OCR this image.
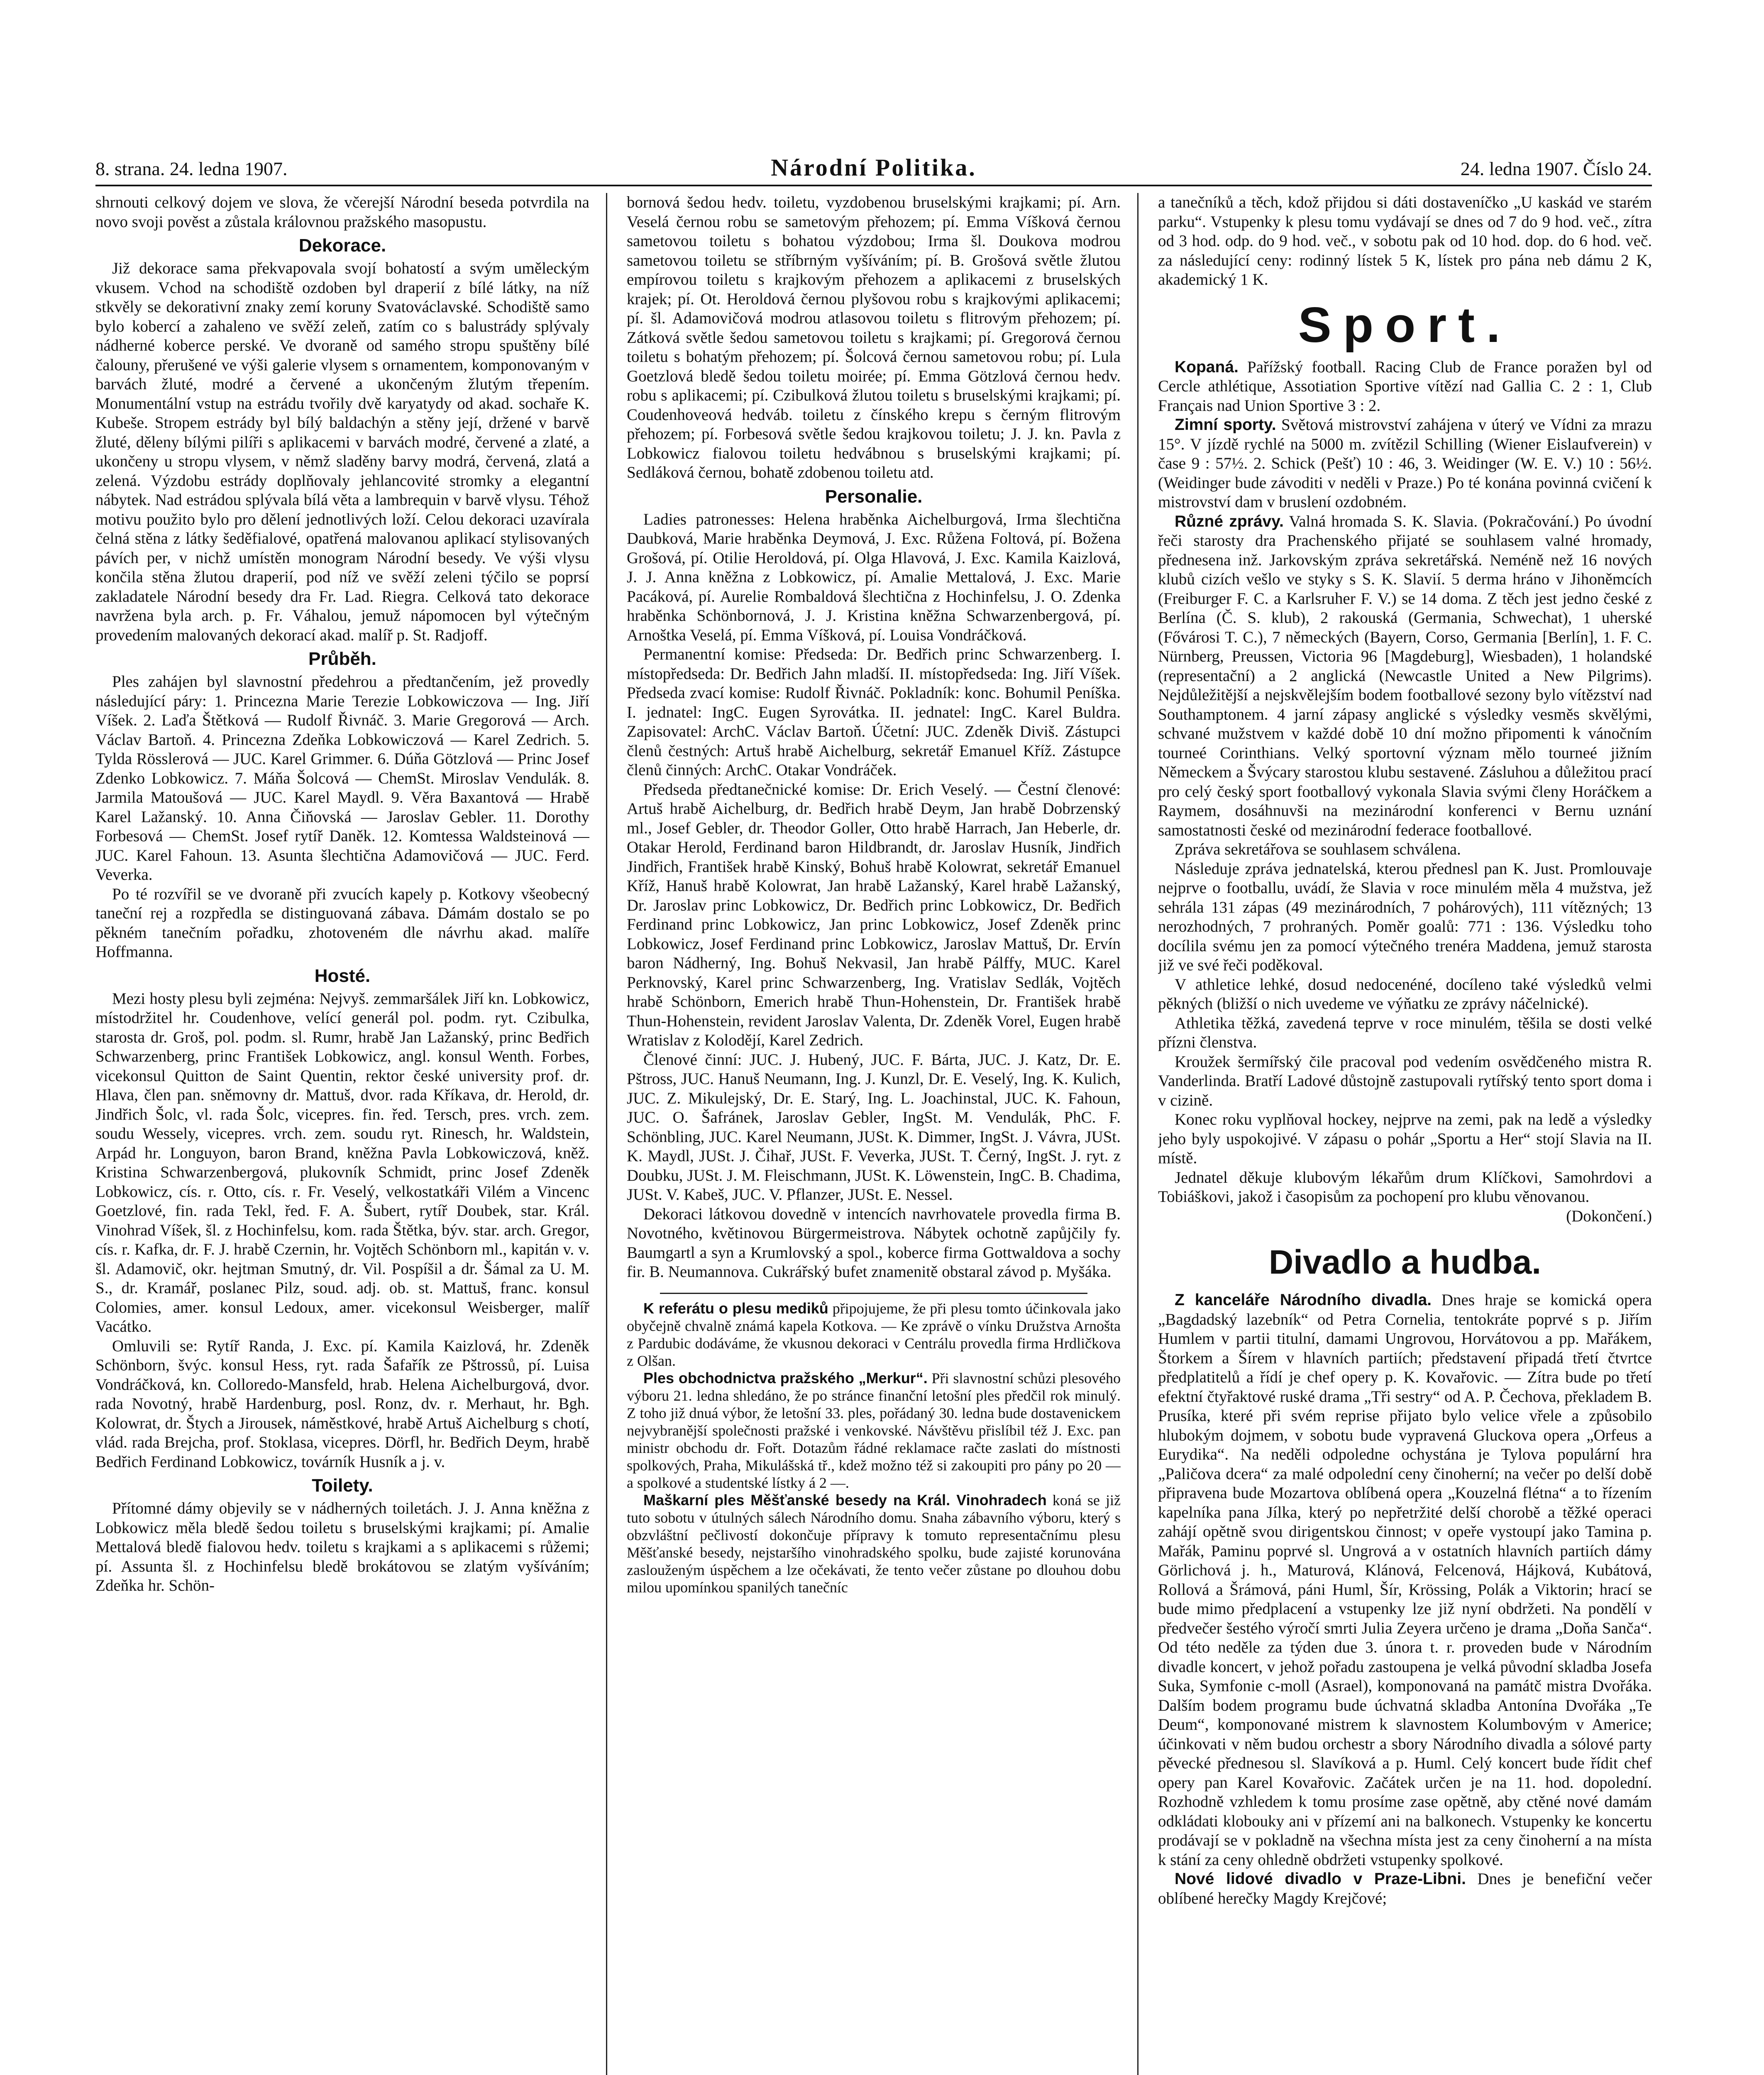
8. strana. 24. ledna 1907.	Národní Politika.	24. ledna 1907. Číslo 24.

shrnouti celkový dojem ve slova, že včerejší Národní beseda potvrdila na novo svoji pověst a zůstala královnou pražského masopustu.

Dekorace.

Již dekorace sama překvapovala svojí bohatostí a svým uměleckým vkusem. Vchod na schodiště ozdoben byl draperií z bílé látky, na níž stkvěly se dekorativní znaky zemí koruny Svatováclavské. Schodiště samo bylo kobercí a zahaleno ve svěží zeleň, zatím co s balustrády splývaly nádherné koberce perské. Ve dvoraně od samého stropu spuštěny bílé čalouny, přerušené ve výši galerie vlysem s ornamentem, komponovaným v barvách žluté, modré a červené a ukončeným žlutým třepením. Monumentální vstup na estrádu tvořily dvě karyatydy od akad. sochaře K. Kubeše. Stropem estrády byl bílý baldachýn a stěny její, držené v barvě žluté, děleny bílými pilíři s aplikacemi v barvách modré, červené a zlaté, a ukončeny u stropu vlysem, v němž sladěny barvy modrá, červená, zlatá a zelená. Výzdobu estrády doplňovaly jehlancovité stromky a elegantní nábytek. Nad estrádou splývala bílá věta a lambrequin v barvě vlysu. Téhož motivu použito bylo pro dělení jednotlivých loží. Celou dekoraci uzavírala čelná stěna z látky šeděfialové, opatřená malovanou aplikací stylisovaných pávích per, v nichž umístěn monogram Národní besedy. Ve výši vlysu končila stěna žlutou draperií, pod níž ve svěží zeleni týčilo se poprsí zakladatele Národní besedy dra Fr. Lad. Riegra. Celková tato dekorace navržena byla arch. p. Fr. Váhalou, jemuž nápomocen byl výtečným provedením malovaných dekorací akad. malíř p. St. Radjoff.

Průběh.

Ples zahájen byl slavnostní předehrou a předtančením, jež provedly následující páry: 1. Princezna Marie Terezie Lobkowiczova — Ing. Jiří Víšek. 2. Laďa Štětková — Rudolf Řivnáč. 3. Marie Gregorová — Arch. Václav Bartoň. 4. Princezna Zdeňka Lobkowiczová — Karel Zedrich. 5. Tylda Rösslerová — JUC. Karel Grimmer. 6. Dúňa Götzlová — Princ Josef Zdenko Lobkowicz. 7. Máňa Šolcová — ChemSt. Miroslav Vendulák. 8. Jarmila Matoušová — JUC. Karel Maydl. 9. Věra Baxantová — Hrabě Karel Lažanský. 10. Anna Čiňovská — Jaroslav Gebler. 11. Dorothy Forbesová — ChemSt. Josef rytíř Daněk. 12. Komtessa Waldsteinová — JUC. Karel Fahoun. 13. Asunta šlechtična Adamovičová — JUC. Ferd. Veverka.

Po té rozvířil se ve dvoraně při zvucích kapely p. Kotkovy všeobecný taneční rej a rozpředla se distinguovaná zábava. Dámám dostalo se po pěkném tanečním pořadku, zhotoveném dle návrhu akad. malíře Hoffmanna.

Hosté.

Mezi hosty plesu byli zejména: Nejvyš. zemmaršálek Jiří kn. Lobkowicz, místodržitel hr. Coudenhove, velící generál pol. podm. ryt. Czibulka, starosta dr. Groš, pol. podm. sl. Rumr, hrabě Jan Lažanský, princ Bedřich Schwarzenberg, princ František Lobkowicz, angl. konsul Wenth. Forbes, vicekonsul Quitton de Saint Quentin, rektor české university prof. dr. Hlava, člen pan. sněmovny dr. Mattuš, dvor. rada Kříkava, dr. Herold, dr. Jindřich Šolc, vl. rada Šolc, vicepres. fin. řed. Tersch, pres. vrch. zem. soudu Wessely, vicepres. vrch. zem. soudu ryt. Rinesch, hr. Waldstein, Arpád hr. Longuyon, baron Brand, kněžna Pavla Lobkowiczová, kněž. Kristina Schwarzenbergová, plukovník Schmidt, princ Josef Zdeněk Lobkowicz, cís. r. Otto, cís. r. Fr. Veselý, velkostatkáři Vilém a Vincenc Goetzlové, fin. rada Tekl, řed. F. A. Šubert, rytíř Doubek, star. Král. Vinohrad Víšek, šl. z Hochinfelsu, kom. rada Štětka, býv. star. arch. Gregor, cís. r. Kafka, dr. F. J. hrabě Czernin, hr. Vojtěch Schönborn ml., kapitán v. v. šl. Adamovič, okr. hejtman Smutný, dr. Vil. Pospíšil a dr. Šámal za U. M. S., dr. Kramář, poslanec Pilz, soud. adj. ob. st. Mattuš, franc. konsul Colomies, amer. konsul Ledoux, amer. vicekonsul Weisberger, malíř Vacátko.

Omluvili se: Rytíř Randa, J. Exc. pí. Kamila Kaizlová, hr. Zdeněk Schönborn, švýc. konsul Hess, ryt. rada Šafařík ze Pštrossů, pí. Luisa Vondráčková, kn. Colloredo-Mansfeld, hrab. Helena Aichelburgová, dvor. rada Novotný, hrabě Hardenburg, posl. Ronz, dv. r. Merhaut, hr. Bgh. Kolowrat, dr. Štych a Jirousek, náměstkové, hrabě Artuš Aichelburg s chotí, vlád. rada Brejcha, prof. Stoklasa, vicepres. Dörfl, hr. Bedřich Deym, hrabě Bedřich Ferdinand Lobkowicz, továrník Husník a j. v.

Toilety.

Přítomné dámy objevily se v nádherných toiletách. J. J. Anna kněžna z Lobkowicz měla bledě šedou toiletu s bruselskými krajkami; pí. Amalie Mettalová bledě fialovou hedv. toiletu s krajkami a s aplikacemi s růžemi; pí. Assunta šl. z Hochinfelsu bledě brokátovou se zlatým vyšíváním; Zdeňka hr. Schön-

bornová šedou hedv. toiletu, vyzdobenou bruselskými krajkami; pí. Arn. Veselá černou robu se sametovým přehozem; pí. Emma Víšková černou sametovou toiletu s bohatou výzdobou; Irma šl. Doukova modrou sametovou toiletu se stříbrným vyšíváním; pí. B. Grošová světle žlutou empírovou toiletu s krajkovým přehozem a aplikacemi z bruselských krajek; pí. Ot. Heroldová černou plyšovou robu s krajkovými aplikacemi; pí. šl. Adamovičová modrou atlasovou toiletu s flitrovým přehozem; pí. Zátková světle šedou sametovou toiletu s krajkami; pí. Gregorová černou toiletu s bohatým přehozem; pí. Šolcová černou sametovou robu; pí. Lula Goetzlová bledě šedou toiletu moirée; pí. Emma Götzlová černou hedv. robu s aplikacemi; pí. Czibulková žlutou toiletu s bruselskými krajkami; pí. Coudenhoveová hedváb. toiletu z čínského krepu s černým flitrovým přehozem; pí. Forbesová světle šedou krajkovou toiletu; J. J. kn. Pavla z Lobkowicz fialovou toiletu hedvábnou s bruselskými krajkami; pí. Sedláková černou, bohatě zdobenou toiletu atd.

Personalie.

Ladies patronesses: Helena hraběnka Aichelburgová, Irma šlechtična Daubková, Marie hraběnka Deymová, J. Exc. Růžena Foltová, pí. Božena Grošová, pí. Otilie Heroldová, pí. Olga Hlavová, J. Exc. Kamila Kaizlová, J. J. Anna kněžna z Lobkowicz, pí. Amalie Mettalová, J. Exc. Marie Pacáková, pí. Aurelie Rombaldová šlechtična z Hochinfelsu, J. O. Zdenka hraběnka Schönbornová, J. J. Kristina kněžna Schwarzenbergová, pí. Arnoštka Veselá, pí. Emma Víšková, pí. Louisa Vondráčková.

Permanentní komise: Předseda: Dr. Bedřich princ Schwarzenberg. I. místopředseda: Dr. Bedřich Jahn mladší. II. místopředseda: Ing. Jiří Víšek. Předseda zvací komise: Rudolf Řivnáč. Pokladník: konc. Bohumil Peníška. I. jednatel: IngC. Eugen Syrovátka. II. jednatel: IngC. Karel Buldra. Zapisovatel: ArchC. Václav Bartoň. Účetní: JUC. Zdeněk Diviš. Zástupci členů čestných: Artuš hrabě Aichelburg, sekretář Emanuel Kříž. Zástupce členů činných: ArchC. Otakar Vondráček.

Předseda předtanečnické komise: Dr. Erich Veselý. — Čestní členové: Artuš hrabě Aichelburg, dr. Bedřich hrabě Deym, Jan hrabě Dobrzenský ml., Josef Gebler, dr. Theodor Goller, Otto hrabě Harrach, Jan Heberle, dr. Otakar Herold, Ferdinand baron Hildbrandt, dr. Jaroslav Husník, Jindřich Jindřich, František hrabě Kinský, Bohuš hrabě Kolowrat, sekretář Emanuel Kříž, Hanuš hrabě Kolowrat, Jan hrabě Lažanský, Karel hrabě Lažanský, Dr. Jaroslav princ Lobkowicz, Dr. Bedřich princ Lobkowicz, Dr. Bedřich Ferdinand princ Lobkowicz, Jan princ Lobkowicz, Josef Zdeněk princ Lobkowicz, Josef Ferdinand princ Lobkowicz, Jaroslav Mattuš, Dr. Ervín baron Nádherný, Ing. Bohuš Nekvasil, Jan hrabě Pálffy, MUC. Karel Perknovský, Karel princ Schwarzenberg, Ing. Vratislav Sedlák, Vojtěch hrabě Schönborn, Emerich hrabě Thun-Hohenstein, Dr. František hrabě Thun-Hohenstein, revident Jaroslav Valenta, Dr. Zdeněk Vorel, Eugen hrabě Wratislav z Kolodějí, Karel Zedrich.

Členové činní: JUC. J. Hubený, JUC. F. Bárta, JUC. J. Katz, Dr. E. Pštross, JUC. Hanuš Neumann, Ing. J. Kunzl, Dr. E. Veselý, Ing. K. Kulich, JUC. Z. Mikulejský, Dr. E. Starý, Ing. L. Joachinstal, JUC. K. Fahoun, JUC. O. Šafránek, Jaroslav Gebler, IngSt. M. Vendulák, PhC. F. Schönbling, JUC. Karel Neumann, JUSt. K. Dimmer, IngSt. J. Vávra, JUSt. K. Maydl, JUSt. J. Čihař, JUSt. F. Veverka, JUSt. T. Černý, IngSt. J. ryt. z Doubku, JUSt. J. M. Fleischmann, JUSt. K. Löwenstein, IngC. B. Chadima, JUSt. V. Kabeš, JUC. V. Pflanzer, JUSt. E. Nessel.

Dekoraci látkovou dovedně v intencích navrhovatele provedla firma B. Novotného, květinovou Bürgermeistrova. Nábytek ochotně zapůjčily fy. Baumgartl a syn a Krumlovský a spol., koberce firma Gottwaldova a sochy fir. B. Neumannova. Cukrářský bufet znamenitě obstaral závod p. Myšáka.

K referátu o plesu mediků připojujeme, že při plesu tomto účinkovala jako obyčejně chvalně známá kapela Kotkova. — Ke zprávě o vínku Družstva Arnošta z Pardubic dodáváme, že vkusnou dekoraci v Centrálu provedla firma Hrdličkova z Olšan.

Ples obchodnictva pražského „Merkur“. Při slavnostní schůzi plesového výboru 21. ledna shledáno, že po stránce finanční letošní ples předčil rok minulý. Z toho již dnuá výbor, že letošní 33. ples, pořádaný 30. ledna bude dostavenickem nejvybranější společnosti pražské i venkovské. Návštěvu přislíbil též J. Exc. pan ministr obchodu dr. Fořt. Dotazům řádné reklamace račte zaslati do místnosti spolkových, Praha, Mikulášská tř., kdež možno též si zakoupiti pro pány po 20 — a spolkové a studentské lístky á 2 —.

Maškarní ples Měšťanské besedy na Král. Vinohradech koná se již tuto sobotu v útulných sálech Národního domu. Snaha zábavního výboru, který s obzvláštní pečlivostí dokončuje přípravy k tomuto representačnímu plesu Měšťanské besedy, nejstaršího vinohradského spolku, bude zajisté korunována zaslouženým úspěchem a lze očekávati, že tento večer zůstane po dlouhou dobu milou upomínkou spanilých tanečníc

a tanečníků a těch, kdož přijdou si dáti dostaveníčko „U kaskád ve starém parku“. Vstupenky k plesu tomu vydávají se dnes od 7 do 9 hod. več., zítra od 3 hod. odp. do 9 hod. več., v sobotu pak od 10 hod. dop. do 6 hod. več. za následující ceny: rodinný lístek 5 K, lístek pro pána neb dámu 2 K, akademický 1 K.

Sport.

Kopaná. Pařížský football. Racing Club de France poražen byl od Cercle athlétique, Assotiation Sportive vítězí nad Gallia C. 2 : 1, Club Français nad Union Sportive 3 : 2.

Zimní sporty. Světová mistrovství zahájena v úterý ve Vídni za mrazu 15°. V jízdě rychlé na 5000 m. zvítězil Schilling (Wiener Eislaufverein) v čase 9 : 57½. 2. Schick (Pešť) 10 : 46, 3. Weidinger (W. E. V.) 10 : 56½. (Weidinger bude závoditi v neděli v Praze.) Po té konána povinná cvičení k mistrovství dam v bruslení ozdobném.

Různé zprávy. Valná hromada S. K. Slavia. (Pokračování.) Po úvodní řeči starosty dra Prachenského přijaté se souhlasem valné hromady, přednesena inž. Jarkovským zpráva sekretářská. Neméně než 16 nových klubů cizích vešlo ve styky s S. K. Slavií. 5 derma hráno v Jihoněmcích (Freiburger F. C. a Karlsruher F. V.) se 14 doma. Z těch jest jedno české z Berlína (Č. S. klub), 2 rakouská (Germania, Schwechat), 1 uherské (Fővárosi T. C.), 7 německých (Bayern, Corso, Germania [Berlín], 1. F. C. Nürnberg, Preussen, Victoria 96 [Magdeburg], Wiesbaden), 1 holandské (representační) a 2 anglická (Newcastle United a New Pilgrims). Nejdůležitější a nejskvělejším bodem footballové sezony bylo vítězství nad Southamptonem. 4 jarní zápasy anglické s výsledky vesměs skvělými, schvané mužstvem v každé době 10 dní možno připomenti k vánočním tourneé Corinthians. Velký sportovní význam mělo tourneé jižním Německem a Švýcary starostou klubu sestavené. Zásluhou a důležitou prací pro celý český sport footballový vykonala Slavia svými členy Horáčkem a Raymem, dosáhnuvši na mezinárodní konferenci v Bernu uznání samostatnosti české od mezinárodní federace footballové.

Zpráva sekretářova se souhlasem schválena.

Následuje zpráva jednatelská, kterou přednesl pan K. Just. Promlouvaje nejprve o footballu, uvádí, že Slavia v roce minulém měla 4 mužstva, jež sehrála 131 zápas (49 mezinárodních, 7 pohárových), 111 vítězných; 13 nerozhodných, 7 prohraných. Poměr goalů: 771 : 136. Výsledku toho docílila svému jen za pomocí výtečného trenéra Maddena, jemuž starosta již ve své řeči poděkoval.

V athletice lehké, dosud nedocenéné, docíleno také výsledků velmi pěkných (bližší o nich uvedeme ve výňatku ze zprávy náčelnické).

Athletika těžká, zavedená teprve v roce minulém, těšila se dosti velké přízni členstva.

Kroužek šermířský čile pracoval pod vedením osvědčeného mistra R. Vanderlinda. Bratří Ladové důstojně zastupovali rytířský tento sport doma i v cizině.

Konec roku vyplňoval hockey, nejprve na zemi, pak na ledě a výsledky jeho byly uspokojivé. V zápasu o pohár „Sportu a Her“ stojí Slavia na II. místě.

Jednatel děkuje klubovým lékařům drum Klíčkovi, Samohrdovi a Tobiáškovi, jakož i časopisům za pochopení pro klubu věnovanou.

(Dokončení.)

Divadlo a hudba.

Z kanceláře Národního divadla. Dnes hraje se komická opera „Bagdadský lazebník“ od Petra Cornelia, tentokráte poprvé s p. Jiřím Humlem v partii titulní, damami Ungrovou, Horvátovou a pp. Mařákem, Štorkem a Šírem v hlavních partiích; představení připadá třetí čtvrtce předplatitelů a řídí je chef opery p. K. Kovařovic. — Zítra bude po třetí efektní čtyřaktové ruské drama „Tři sestry“ od A. P. Čechova, překladem B. Prusíka, které při svém reprise přijato bylo velice vřele a způsobilo hlubokým dojmem, v sobotu bude vypravená Gluckova opera „Orfeus a Eurydika“. Na neděli odpoledne ochystána je Tylova populární hra „Paličova dcera“ za malé odpolední ceny činoherní; na večer po delší době připravena bude Mozartova oblíbená opera „Kouzelná flétna“ a to řízením kapelníka pana Jílka, který po nepřetržité delší chorobě a těžké operaci zahájí opětně svou dirigentskou činnost; v opeře vystoupí jako Tamina p. Mařák, Paminu poprvé sl. Ungrová a v ostatních hlavních partiích dámy Görlichová j. h., Maturová, Klánová, Felcenová, Hájková, Kubátová, Rollová a Šrámová, páni Huml, Šír, Krössing, Polák a Viktorin; hrací se bude mimo předplacení a vstupenky lze již nyní obdržeti. Na pondělí v předvečer šestého výročí smrti Julia Zeyera určeno je drama „Doňa Sanča“. Od této neděle za týden due 3. února t. r. proveden bude v Národním divadle koncert, v jehož pořadu zastoupena je velká původní skladba Josefa Suka, Symfonie c-moll (Asrael), komponovaná na památč mistra Dvořáka. Dalším bodem programu bude úchvatná skladba Antonína Dvořáka „Te Deum“, komponované mistrem k slavnostem Kolumbovým v Americe; účinkovati v něm budou orchestr a sbory Národního divadla a sólové party pěvecké přednesou sl. Slavíková a p. Huml. Celý koncert bude řídit chef opery pan Karel Kovařovic. Začátek určen je na 11. hod. dopolední. Rozhodně vzhledem k tomu prosíme zase opětně, aby ctěné nové damám odkládati klobouky ani v přízemí ani na balkonech. Vstupenky ke koncertu prodávají se v pokladně na všechna místa jest za ceny činoherní a na místa k stání za ceny ohledně obdržeti vstupenky spolkové.

Nové lidové divadlo v Praze-Libni. Dnes je benefiční večer oblíbené herečky Magdy Krejčové;
